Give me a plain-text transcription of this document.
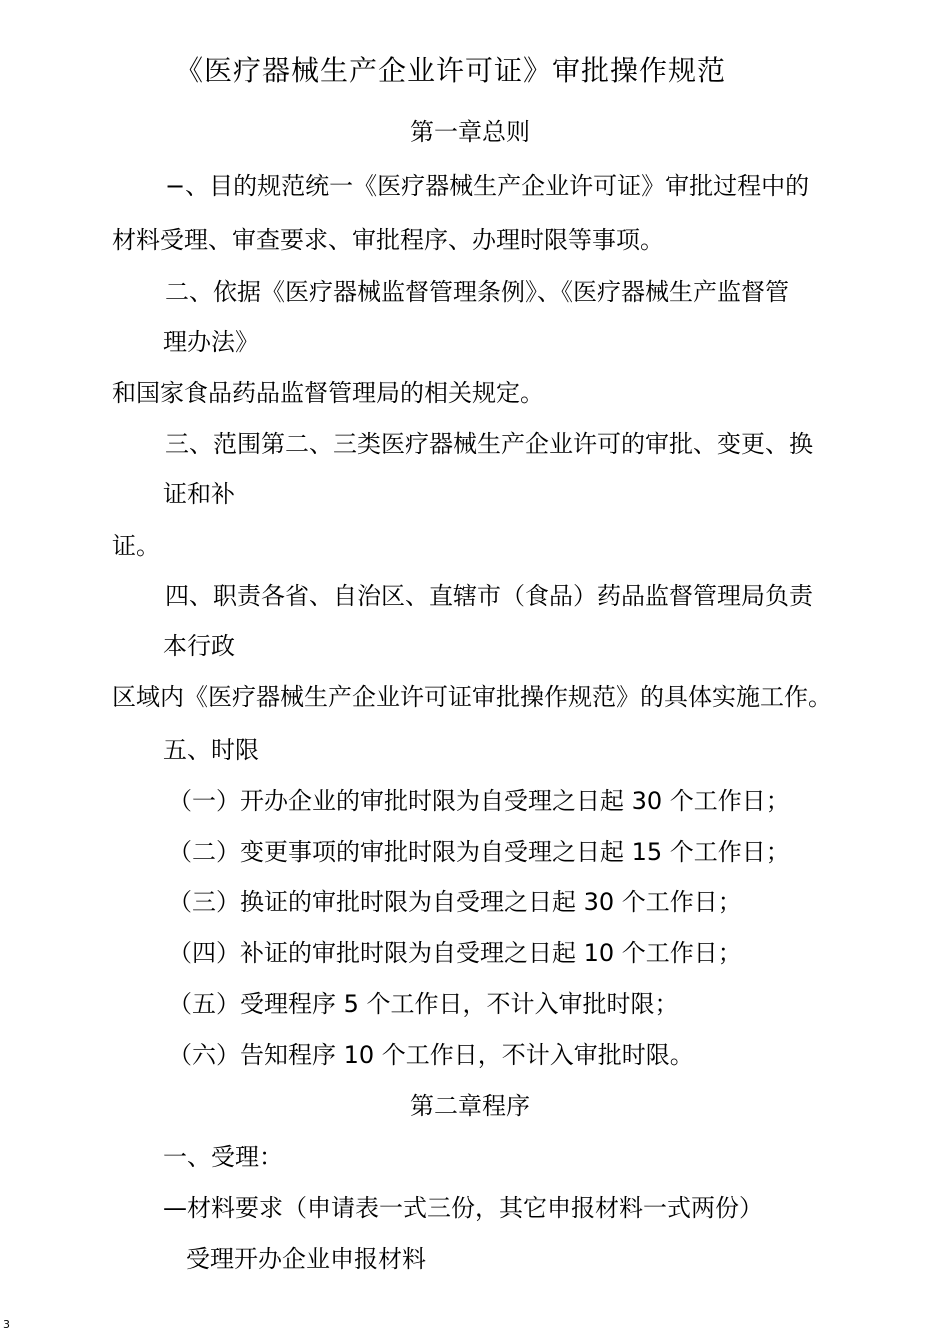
《医疗器械生产企业许可证》审批操作规范
第一章总则
−、目的规范统一《医疗器械生产企业许可证》审批过程中的
材料受理、审查要求、审批程序、办理时限等事项。
二、依据《医疗器械监督管理条例》、《医疗器械生产监督管
理办法》
和国家食品药品监督管理局的相关规定。
三、范围第二、三类医疗器械生产企业许可的审批、变更、换
证和补
证。
四、职责各省、自治区、直辖市（食品）药品监督管理局负责
本行政
区域内《医疗器械生产企业许可证审批操作规范》的具体实施工作。
五、时限
（一）开办企业的审批时限为自受理之日起 30 个工作日；
（二）变更事项的审批时限为自受理之日起 15 个工作日；
（三）换证的审批时限为自受理之日起 30 个工作日；
（四）补证的审批时限为自受理之日起 10 个工作日；
（五）受理程序 5 个工作日，不计入审批时限；
（六）告知程序 10 个工作日，不计入审批时限。
第二章程序
一、受理：
—材料要求（申请表一式三份，其它申报材料一式两份）
受理开办企业申报材料
3
